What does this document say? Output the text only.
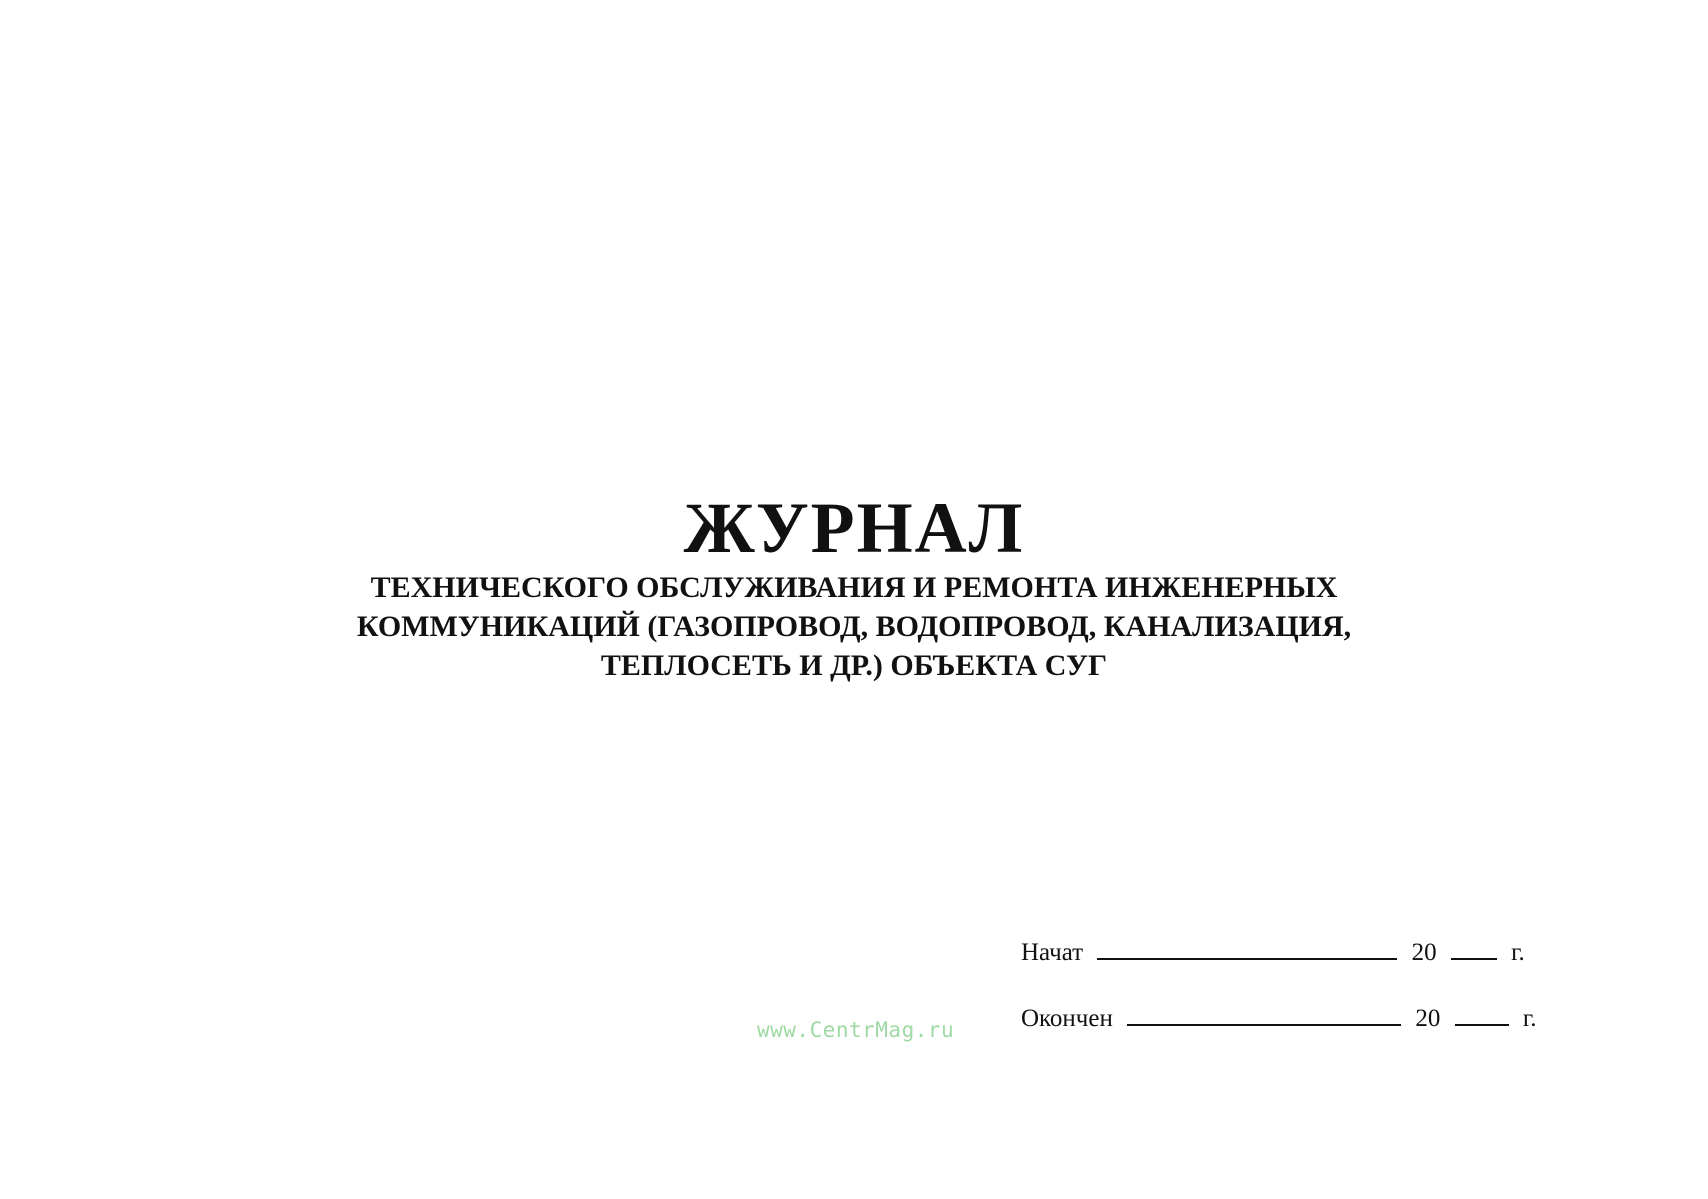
ЖУРНАЛ

ТЕХНИЧЕСКОГО ОБСЛУЖИВАНИЯ И РЕМОНТА ИНЖЕНЕРНЫХ

КОММУНИКАЦИЙ (ГАЗОПРОВОД, ВОДОПРОВОД, КАНАЛИЗАЦИЯ,

ТЕПЛОСЕТЬ И ДР.) ОБЪЕКТА СУГ

Начат	20	г.
Окончен	20	г.
www.CentrMag.ru
